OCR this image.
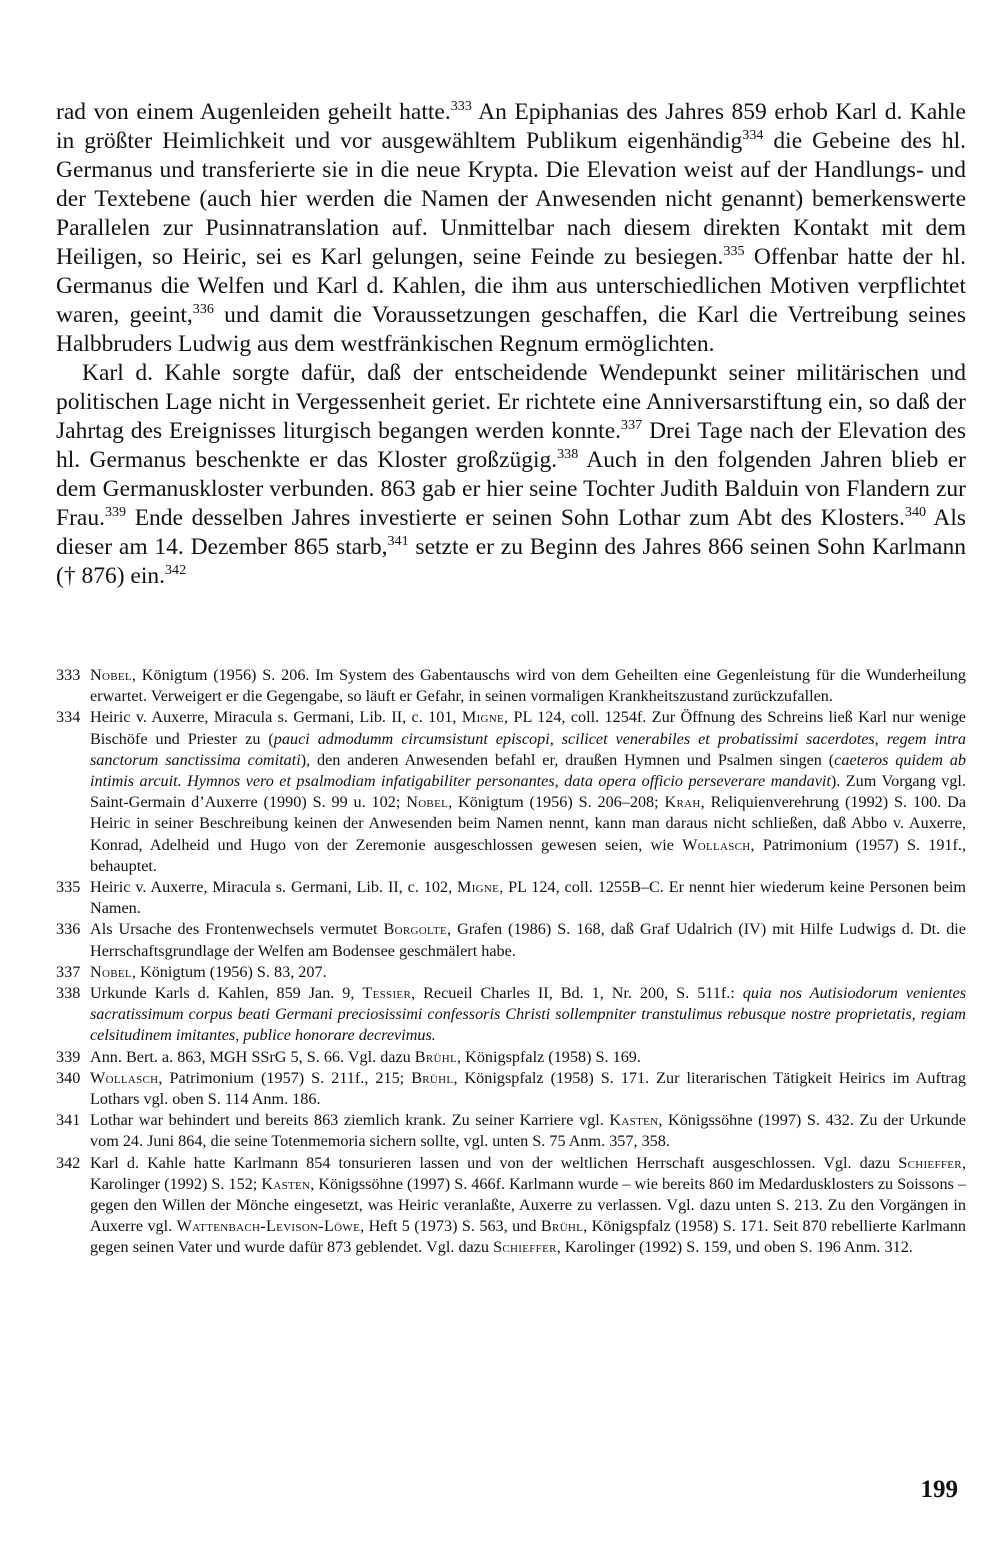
rad von einem Augenleiden geheilt hatte.$^{333}$ An Epiphanias des Jahres 859 erhob Karl d. Kahle in größter Heimlichkeit und vor ausgewähltem Publikum eigenhändig$^{334}$ die Gebeine des hl. Germanus und transferierte sie in die neue Krypta. Die Elevation weist auf der Handlungs- und der Textebene (auch hier werden die Namen der Anwesenden nicht genannt) bemerkenswerte Parallelen zur Pusinnatranslation auf. Unmittelbar nach diesem direkten Kontakt mit dem Heiligen, so Heiric, sei es Karl gelungen, seine Feinde zu besiegen.$^{335}$ Offenbar hatte der hl. Germanus die Welfen und Karl d. Kahlen, die ihm aus unterschiedlichen Motiven verpflichtet waren, geeint,$^{336}$ und damit die Voraussetzungen geschaffen, die Karl die Vertreibung seines Halbbruders Ludwig aus dem westfränkischen Regnum ermöglichten.

Karl d. Kahle sorgte dafür, daß der entscheidende Wendepunkt seiner militärischen und politischen Lage nicht in Vergessenheit geriet. Er richtete eine Anniversarstiftung ein, so daß der Jahrtag des Ereignisses liturgisch begangen werden konnte.$^{337}$ Drei Tage nach der Elevation des hl. Germanus beschenkte er das Kloster großzügig.$^{338}$ Auch in den folgenden Jahren blieb er dem Germanuskloster verbunden. 863 gab er hier seine Tochter Judith Balduin von Flandern zur Frau.$^{339}$ Ende desselben Jahres investierte er seinen Sohn Lothar zum Abt des Klosters.$^{340}$ Als dieser am 14. Dezember 865 starb,$^{341}$ setzte er zu Beginn des Jahres 866 seinen Sohn Karlmann († 876) ein.$^{342}$

333 Nobel, Königtum (1956) S. 206. Im System des Gabentauschs wird von dem Geheilten eine Gegenleistung für die Wunderheilung erwartet. Verweigert er die Gegengabe, so läuft er Gefahr, in seinen vormaligen Krankheitszustand zurückzufallen.
334 Heiric v. Auxerre, Miracula s. Germani, Lib. II, c. 101, Migne, PL 124, coll. 1254f. Zur Öffnung des Schreins ließ Karl nur wenige Bischöfe und Priester zu (pauci admodumm circumsistunt episcopi, scilicet venerabiles et probatissimi sacerdotes, regem intra sanctorum sanctissima comitati), den anderen Anwesenden befahl er, draußen Hymnen und Psalmen singen (caeteros quidem ab intimis arcuit. Hymnos vero et psalmodiam infatigabiliter personantes, data opera officio perseverare mandavit). Zum Vorgang vgl. Saint-Germain d’Auxerre (1990) S. 99 u. 102; Nobel, Königtum (1956) S. 206–208; Krah, Reliquienverehrung (1992) S. 100. Da Heiric in seiner Beschreibung keinen der Anwesenden beim Namen nennt, kann man daraus nicht schließen, daß Abbo v. Auxerre, Konrad, Adelheid und Hugo von der Zeremonie ausgeschlossen gewesen seien, wie Wollasch, Patrimonium (1957) S. 191f., behauptet.
335 Heiric v. Auxerre, Miracula s. Germani, Lib. II, c. 102, Migne, PL 124, coll. 1255B–C. Er nennt hier wiederum keine Personen beim Namen.
336 Als Ursache des Frontenwechsels vermutet Borgolte, Grafen (1986) S. 168, daß Graf Udalrich (IV) mit Hilfe Ludwigs d. Dt. die Herrschaftsgrundlage der Welfen am Bodensee geschmälert habe.
337 Nobel, Königtum (1956) S. 83, 207.
338 Urkunde Karls d. Kahlen, 859 Jan. 9, Tessier, Recueil Charles II, Bd. 1, Nr. 200, S. 511f.: quia nos Autisiodorum venientes sacratissimum corpus beati Germani preciosissimi confessoris Christi sollempniter transtulimus rebusque nostre proprietatis, regiam celsitudinem imitantes, publice honorare decrevimus.
339 Ann. Bert. a. 863, MGH SSrG 5, S. 66. Vgl. dazu Brühl, Königspfalz (1958) S. 169.
340 Wollasch, Patrimonium (1957) S. 211f., 215; Brühl, Königspfalz (1958) S. 171. Zur literarischen Tätigkeit Heirics im Auftrag Lothars vgl. oben S. 114 Anm. 186.
341 Lothar war behindert und bereits 863 ziemlich krank. Zu seiner Karriere vgl. Kasten, Königssöhne (1997) S. 432. Zu der Urkunde vom 24. Juni 864, die seine Totenmemoria sichern sollte, vgl. unten S. 75 Anm. 357, 358.
342 Karl d. Kahle hatte Karlmann 854 tonsurieren lassen und von der weltlichen Herrschaft ausgeschlossen. Vgl. dazu Schieffer, Karolinger (1992) S. 152; Kasten, Königssöhne (1997) S. 466f. Karlmann wurde – wie bereits 860 im Medardusklosters zu Soissons – gegen den Willen der Mönche eingesetzt, was Heiric veranlaßte, Auxerre zu verlassen. Vgl. dazu unten S. 213. Zu den Vorgängen in Auxerre vgl. Wattenbach-Levison-Löwe, Heft 5 (1973) S. 563, und Brühl, Königspfalz (1958) S. 171. Seit 870 rebellierte Karlmann gegen seinen Vater und wurde dafür 873 geblendet. Vgl. dazu Schieffer, Karolinger (1992) S. 159, und oben S. 196 Anm. 312.
199
